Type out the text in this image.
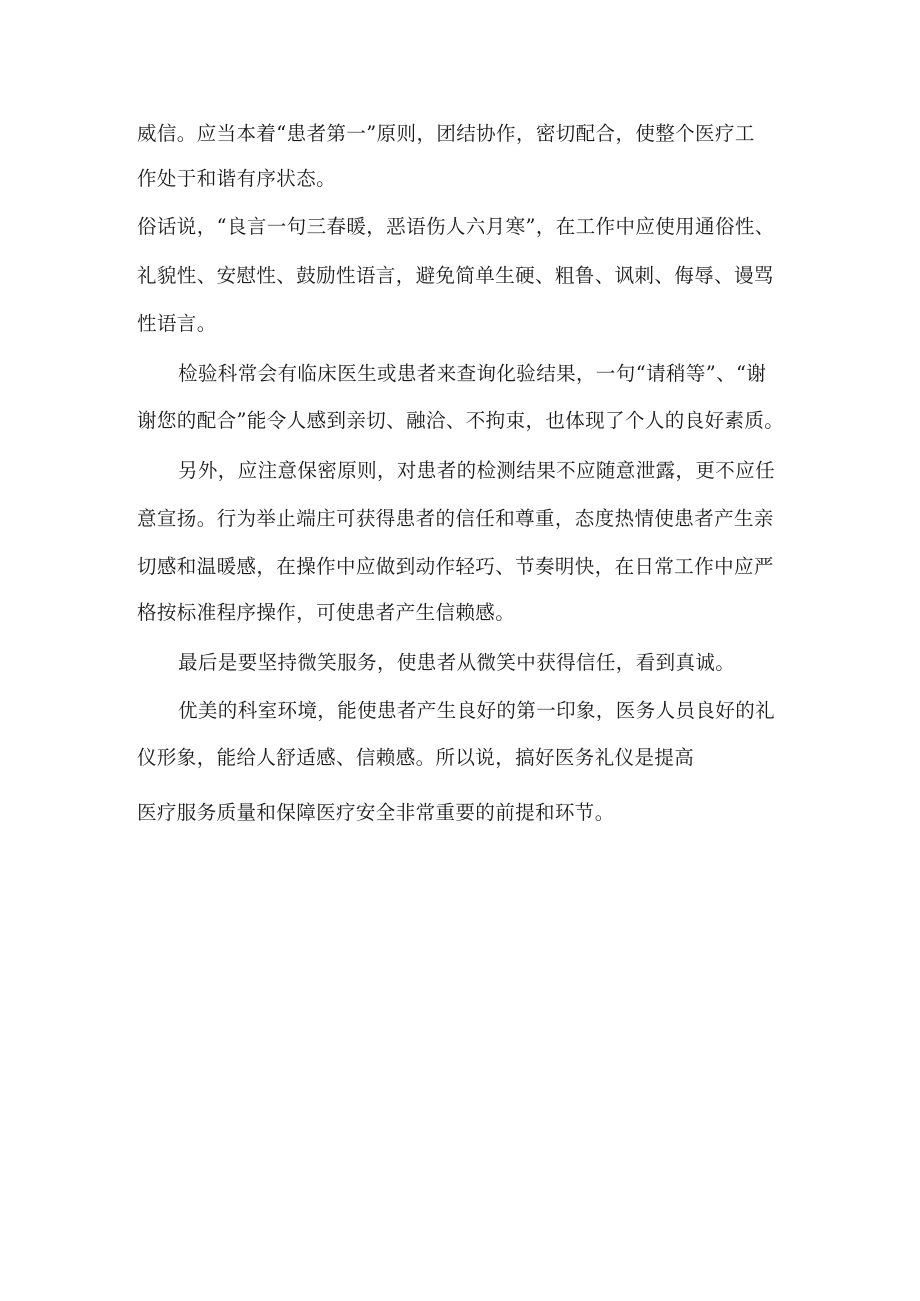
威信。应当本着“患者第一”原则，团结协作，密切配合，使整个医疗工

作处于和谐有序状态。

俗话说，“良言一句三春暖，恶语伤人六月寒”，在工作中应使用通俗性、

礼貌性、安慰性、鼓励性语言，避免简单生硬、粗鲁、讽刺、侮辱、谩骂

性语言。

检验科常会有临床医生或患者来查询化验结果，一句“请稍等”、“谢

谢您的配合”能令人感到亲切、融洽、不拘束，也体现了个人的良好素质。

另外，应注意保密原则，对患者的检测结果不应随意泄露，更不应任

意宣扬。行为举止端庄可获得患者的信任和尊重，态度热情使患者产生亲

切感和温暖感，在操作中应做到动作轻巧、节奏明快，在日常工作中应严

格按标准程序操作，可使患者产生信赖感。

最后是要坚持微笑服务，使患者从微笑中获得信任，看到真诚。

优美的科室环境，能使患者产生良好的第一印象，医务人员良好的礼

仪形象，能给人舒适感、信赖感。所以说，搞好医务礼仪是提高

医疗服务质量和保障医疗安全非常重要的前提和环节。
